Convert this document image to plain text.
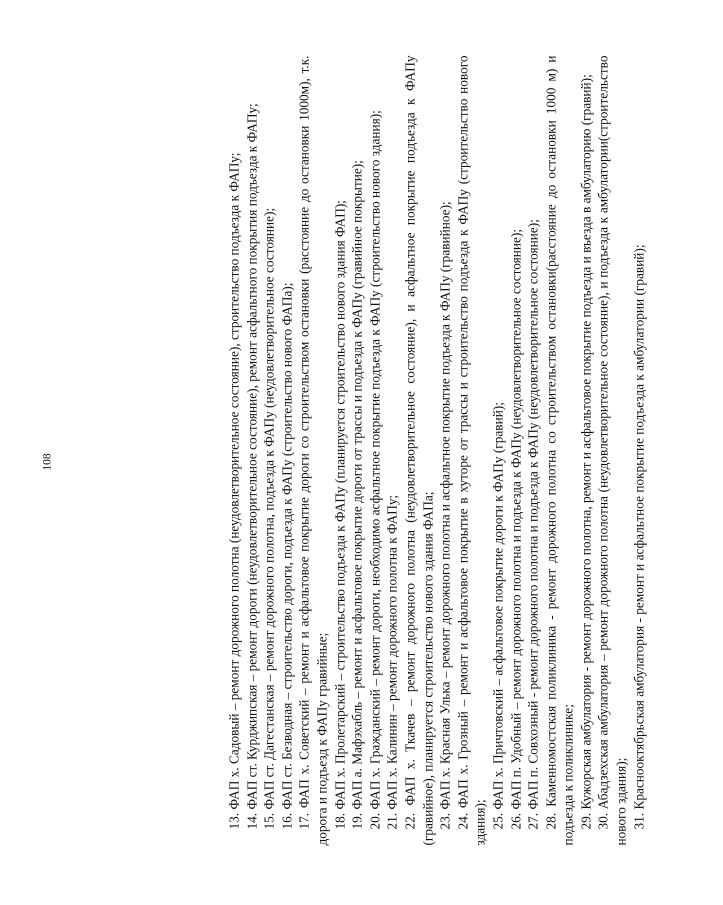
108	13. ФАП х. Садовый – ремонт дорожного полотна (неудовлетворительное состояние), строительство подъезда к ФАПу; 14. ФАП ст. Курджипская – ремонт дороги (неудовлетворительное состояние), ремонт асфальтного покрытия подъезда к ФАПу; 15. ФАП ст. Дагестанская – ремонт дорожного полотна, подъезда к ФАПу (неудовлетворительное состояние); 16. ФАП ст. Безводная – строительство дороги, подъезда к ФАПу (строительство нового ФАПа); 17. ФАП х. Советский – ремонт и асфальтовое покрытие дороги со строительством остановки (расстояние до остановки 1000м), т.к. дорога и подъезд к ФАПу гравийные; 18. ФАП х. Пролетарский – строительство подъезда к ФАПу (планируется строительство нового здания ФАП); 19. ФАП а. Мафэхабль – ремонт и асфальтовое покрытие дороги от трассы и подъезда к ФАПу (гравийное покрытие); 20. ФАП х. Гражданский – ремонт дороги, необходимо асфальтное покрытие подъезда к ФАПу (строительство нового здания); 21. ФАП х. Калинин – ремонт дорожного полотна к ФАПу; 22. ФАП х. Ткачев – ремонт дорожного полотна (неудовлетворительное состояние), и асфальтное покрытие подъезда к ФАПу (гравийное), планируется строительство нового здания ФАПа; 23. ФАП х. Красная Улька – ремонт дорожного полотна и асфальтное покрытие подъезда к ФАПу (гравийное); 24. ФАП х. Грозный – ремонт и асфальтовое покрытие в хуторе от трассы и строительство подъезда к ФАПу (строительство нового здания); 25. ФАП х. Причтовский – асфальтовое покрытие дороги к ФАПу (гравий); 26. ФАП п. Удобный – ремонт дорожного полотна и подъезда к ФАПу (неудовлетворительное состояние); 27. ФАП п. Совхозный - ремонт дорожного полотна и подъезда к ФАПу (неудовлетворительное состояние); 28. Каменномостская поликлиника - ремонт дорожного полотна со строительством остановки(расстояние до остановки 1000 м) и подъезда к поликлинике; 29. Кужорская амбулатория - ремонт дорожного полотна, ремонт и асфальтовое покрытие подъезда и въезда в амбулаторию (гравий); 30. Абадзехская амбулатория – ремонт дорожного полотна (неудовлетворительное состояние), и подъезда к амбулатории(строительство нового здания); 31. Краснооктябрьская амбулатория - ремонт и асфальтное покрытие подъезда к амбулатории (гравий);
